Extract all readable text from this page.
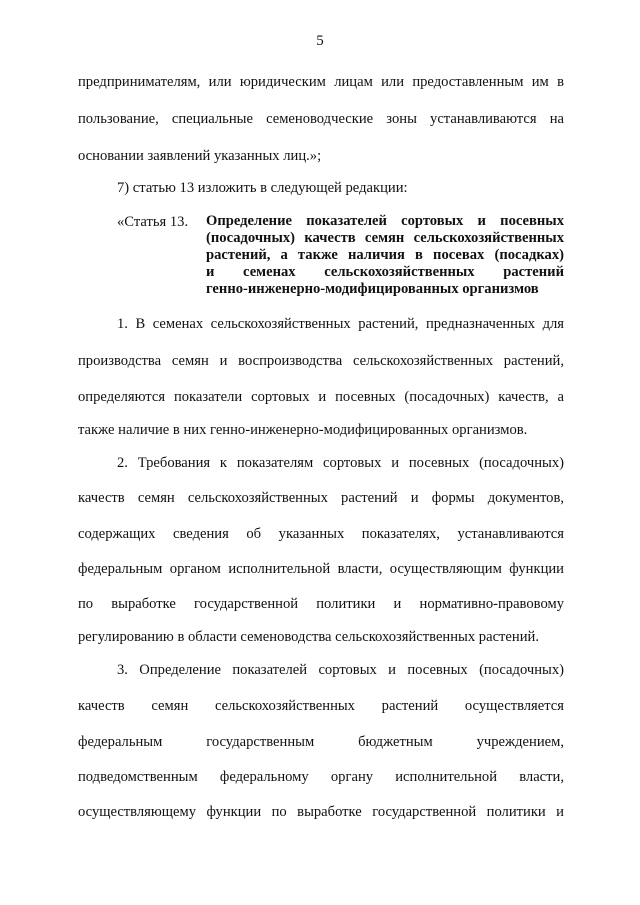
5
предпринимателям, или юридическим лицам или предоставленным им в
пользование, специальные семеноводческие зоны устанавливаются на
основании заявлений указанных лиц.»;
7) статью 13 изложить в следующей редакции:
«Статья 13. Определение показателей сортовых и посевных
(посадочных) качеств семян сельскохозяйственных
растений, а также наличия в посевах (посадках)
и семенах сельскохозяйственных растений
генно-инженерно-модифицированных организмов
1. В семенах сельскохозяйственных растений, предназначенных для
производства семян и воспроизводства сельскохозяйственных растений,
определяются показатели сортовых и посевных (посадочных) качеств, а
также наличие в них генно-инженерно-модифицированных организмов.
2. Требования к показателям сортовых и посевных (посадочных)
качеств семян сельскохозяйственных растений и формы документов,
содержащих сведения об указанных показателях, устанавливаются
федеральным органом исполнительной власти, осуществляющим функции
по выработке государственной политики и нормативно-правовому
регулированию в области семеноводства сельскохозяйственных растений.
3. Определение показателей сортовых и посевных (посадочных)
качеств семян сельскохозяйственных растений осуществляется
федеральным государственным бюджетным учреждением,
подведомственным федеральному органу исполнительной власти,
осуществляющему функции по выработке государственной политики и
